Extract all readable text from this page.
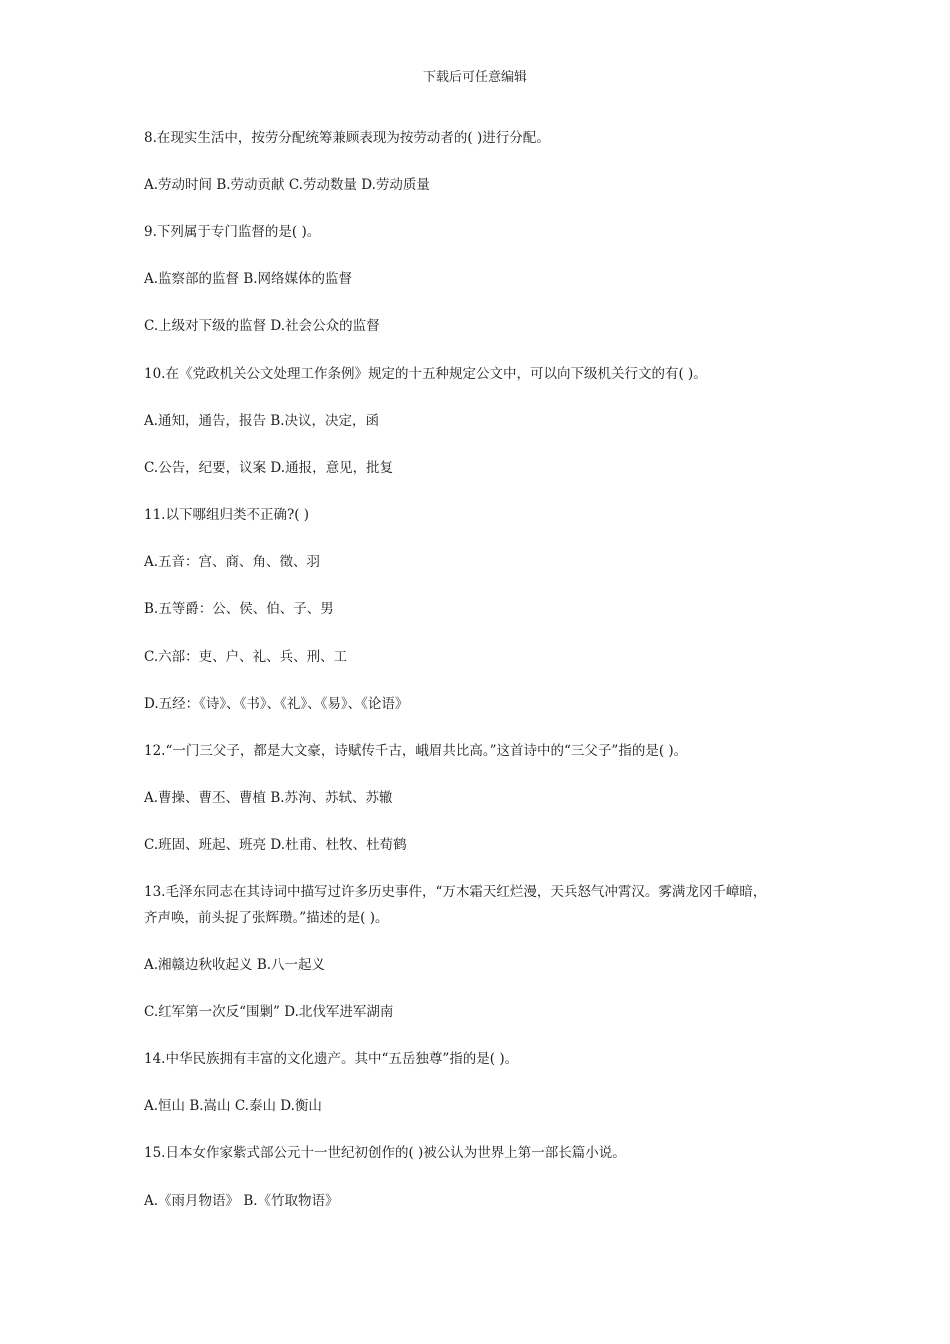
下载后可任意编辑
8.在现实生活中，按劳分配统筹兼顾表现为按劳动者的( )进行分配。
A.劳动时间 B.劳动贡献 C.劳动数量 D.劳动质量
9.下列属于专门监督的是( )。
A.监察部的监督 B.网络媒体的监督
C.上级对下级的监督 D.社会公众的监督
10.在《党政机关公文处理工作条例》规定的十五种规定公文中，可以向下级机关行文的有( )。
A.通知，通告，报告 B.决议，决定，函
C.公告，纪要，议案 D.通报，意见，批复
11.以下哪组归类不正确?( )
A.五音：宫、商、角、徵、羽
B.五等爵：公、侯、伯、子、男
C.六部：吏、户、礼、兵、刑、工
D.五经：《诗》、《书》、《礼》、《易》、《论语》
12.“一门三父子，都是大文豪，诗赋传千古，峨眉共比高。”这首诗中的“三父子”指的是( )。
A.曹操、曹丕、曹植 B.苏洵、苏轼、苏辙
C.班固、班起、班亮 D.杜甫、杜牧、杜荀鹤
13.毛泽东同志在其诗词中描写过许多历史事件，“万木霜天红烂漫，天兵怒气冲霄汉。雾满龙冈千嶂暗，
齐声唤，前头捉了张辉瓒。”描述的是( )。
A.湘赣边秋收起义 B.八一起义
C.红军第一次反“围剿” D.北伐军进军湖南
14.中华民族拥有丰富的文化遗产。其中“五岳独尊”指的是( )。
A.恒山 B.嵩山 C.泰山 D.衡山
15.日本女作家紫式部公元十一世纪初创作的( )被公认为世界上第一部长篇小说。
A.《雨月物语》 B.《竹取物语》
